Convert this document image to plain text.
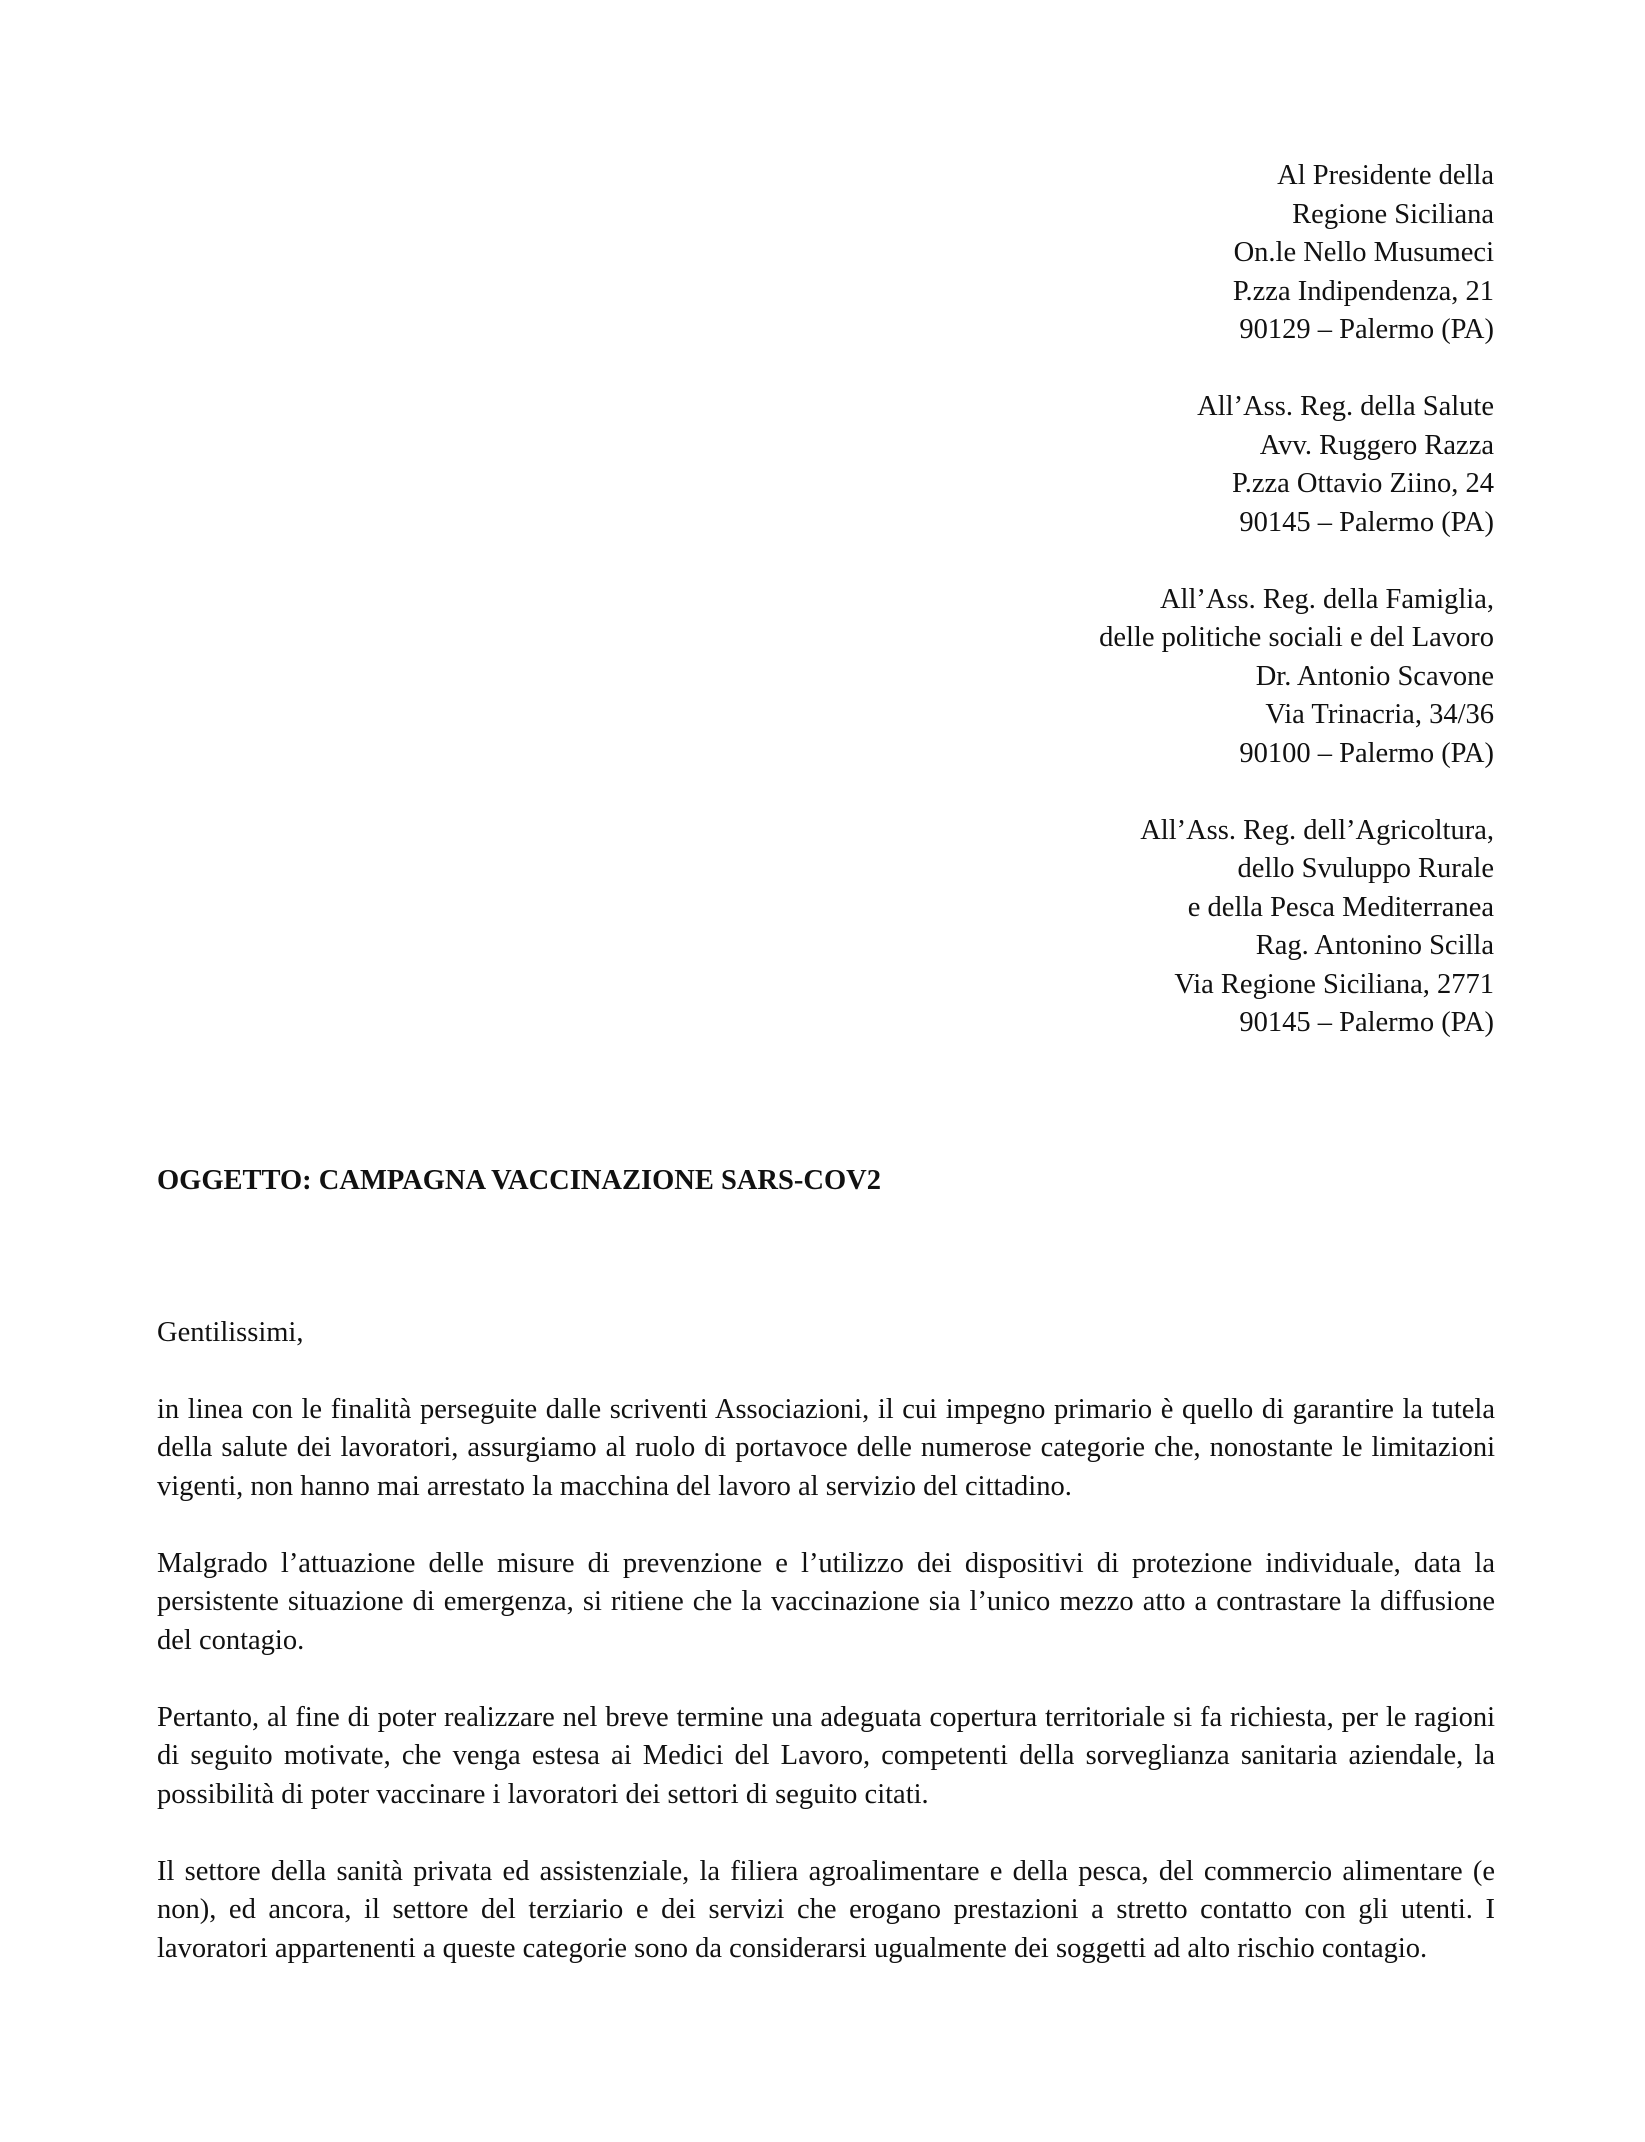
Al Presidente della
Regione Siciliana
On.le Nello Musumeci
P.zza Indipendenza, 21
90129 – Palermo (PA)
All’Ass. Reg. della Salute
Avv. Ruggero Razza
P.zza Ottavio Ziino, 24
90145 – Palermo (PA)
All’Ass. Reg. della Famiglia,
delle politiche sociali e del Lavoro
Dr. Antonio Scavone
Via Trinacria, 34/36
90100 – Palermo (PA)
All’Ass. Reg. dell’Agricoltura,
dello Svuluppo Rurale
e della Pesca Mediterranea
Rag. Antonino Scilla
Via Regione Siciliana, 2771
90145 – Palermo (PA)
OGGETTO: CAMPAGNA VACCINAZIONE SARS-COV2

Gentilissimi,

in linea con le finalità perseguite dalle scriventi Associazioni, il cui impegno primario è quello di garantire la tutela della salute dei lavoratori, assurgiamo al ruolo di portavoce delle numerose categorie che, nonostante le limitazioni vigenti, non hanno mai arrestato la macchina del lavoro al servizio del cittadino.

Malgrado l’attuazione delle misure di prevenzione e l’utilizzo dei dispositivi di protezione individuale, data la persistente situazione di emergenza, si ritiene che la vaccinazione sia l’unico mezzo atto a contrastare la diffusione del contagio.

Pertanto, al fine di poter realizzare nel breve termine una adeguata copertura territoriale si fa richiesta, per le ragioni di seguito motivate, che venga estesa ai Medici del Lavoro, competenti della sorveglianza sanitaria aziendale, la possibilità di poter vaccinare i lavoratori dei settori di seguito citati.

Il settore della sanità privata ed assistenziale, la filiera agroalimentare e della pesca, del commercio alimentare (e non), ed ancora, il settore del terziario e dei servizi che erogano prestazioni a stretto contatto con gli utenti. I lavoratori appartenenti a queste categorie sono da considerarsi ugualmente dei soggetti ad alto rischio contagio.
